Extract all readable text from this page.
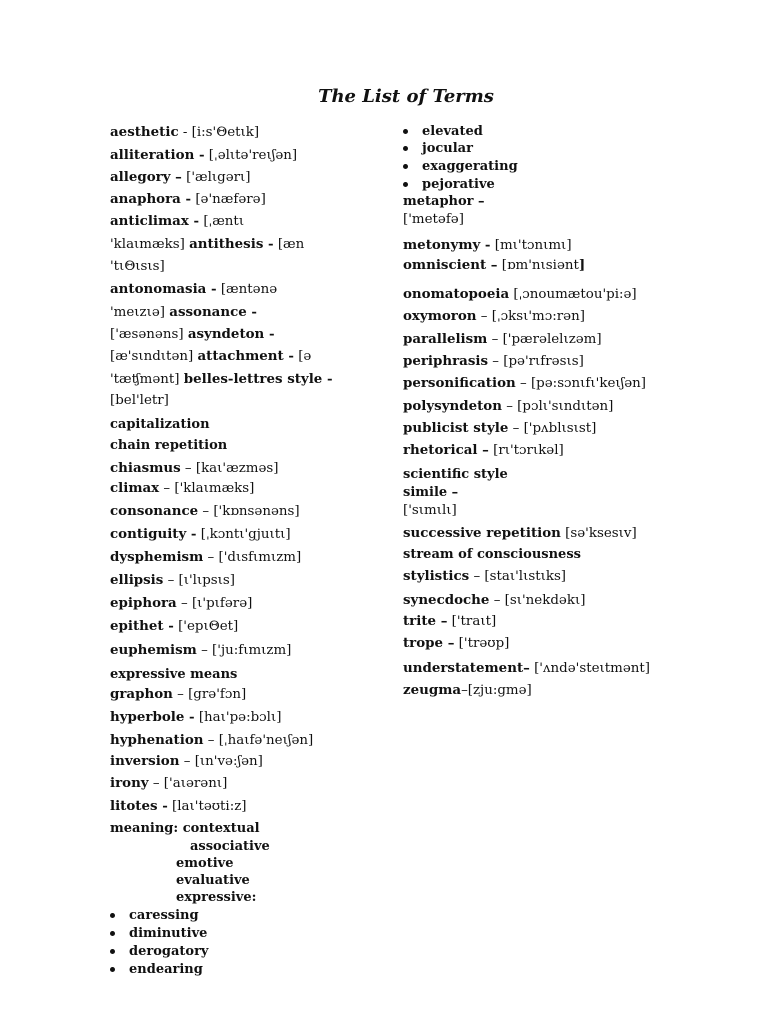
The List of Terms
aesthetic - [i:s'Θetιk]
alliteration - [ˌəlιtə'reιʃən]
allegory – ['ælιgərι]
anaphora - [ə'næfərə]
anticlimax - [ˌæntι
'klaιmæks] antithesis - [æn
'tιΘιsιs]
antonomasia - [æntənə
'meιzιə] assonance -
['æsənəns] asyndeton -
[æ'sιndιtən] attachment - [ə
'tæʧmənt] belles-lettres style -
[bel'letr]
capitalization
chain repetition
chiasmus – [kaι'æzməs]
climax – ['klaιmæks]
consonance – ['kɒnsənəns]
contiguity - [ˌkɔntι'gjuιtι]
dysphemism – ['dιsfιmιzm]
ellipsis – [ι'lιpsιs]
epiphora – [ι'pιfərə]
epithet - ['epιΘet]
euphemism – ['ju:fιmιzm]
expressive means
graphon – [grə'fɔn]
hyperbole - [haι'pə:bɔlι]
hyphenation – [ˌhaιfə'neιʃən]
inversion – [ιn'və:ʃən]
irony – ['aιərənι]
litotes - [laι'təʊti:z]
meaning: contextual
associative
emotive
evaluative
expressive:
caressing
diminutive
derogatory
endearing
elevated
jocular
exaggerating
pejorative
metaphor –
['metəfə]
metonymy - [mι'tɔnιmι]
omniscient – [ɒm'nιsiənt]
onomatopoeia [ˌɔnoumætou'pi:ə]
oxymoron – [ˌɔksι'mɔ:rən]
parallelism – ['pærəlelιzəm]
periphrasis – [pə'rιfrəsιs]
personification – [pə:sɔnιfι'keιʃən]
polysyndeton – [pɔlι'sιndιtən]
publicist style – ['pʌblιsιst]
rhetorical – [rι'tɔrιkəl]
scientific style
simile –
['sιmιlι]
successive repetition [sə'ksesιv]
stream of consciousness
stylistics – [staι'lιstιks]
synecdoche – [sι'nekdəkι]
trite – ['traιt]
trope – ['trəʊp]
understatement– ['ʌndə'steιtmənt]
zeugma–[zju:gmə]
